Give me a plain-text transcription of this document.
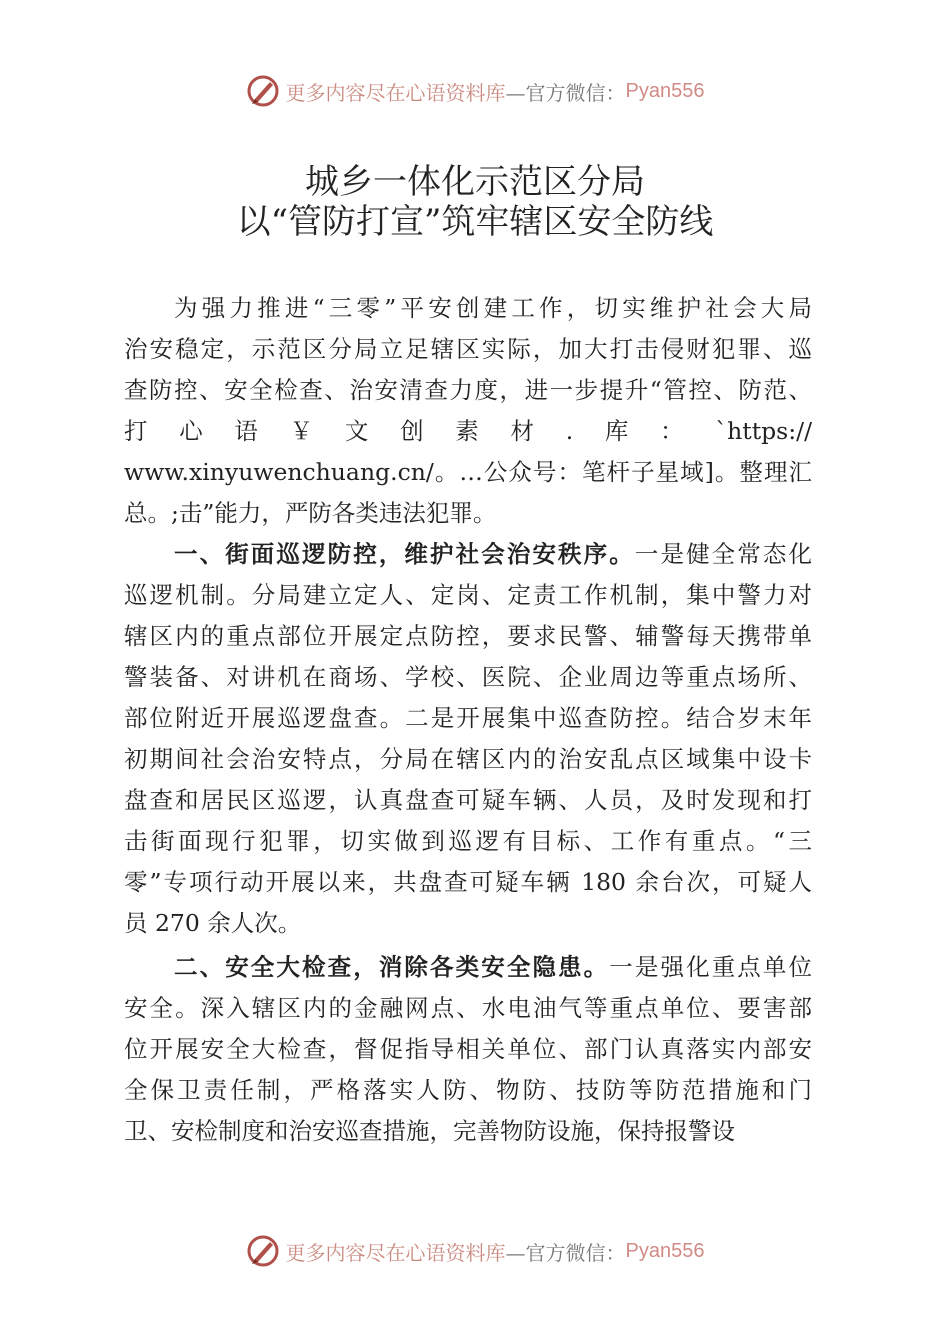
更多内容尽在心语资料库 —官方微信： Pyan556
城乡一体化示范区分局
以“管防打宣”筑牢辖区安全防线
为强力推进“三零”平安创建工作，切实维护社会大局
治安稳定，示范区分局立足辖区实际，加大打击侵财犯罪、巡
查防控、安全检查、治安清查力度，进一步提升“管控、防范、
打心语￥文创素材.库：`https://
www.xinyuwenchuang.cn/。…公众号：笔杆子星域]。整理汇
总。;击”能力，严防各类违法犯罪。
一、街面巡逻防控，维护社会治安秩序。一是健全常态化
巡逻机制。分局建立定人、定岗、定责工作机制，集中警力对
辖区内的重点部位开展定点防控，要求民警、辅警每天携带单
警装备、对讲机在商场、学校、医院、企业周边等重点场所、
部位附近开展巡逻盘查。二是开展集中巡查防控。结合岁末年
初期间社会治安特点，分局在辖区内的治安乱点区域集中设卡
盘查和居民区巡逻，认真盘查可疑车辆、人员，及时发现和打
击街面现行犯罪，切实做到巡逻有目标、工作有重点。“三
零”专项行动开展以来，共盘查可疑车辆 180 余台次，可疑人
员 270 余人次。
二、安全大检查，消除各类安全隐患。一是强化重点单位
安全。深入辖区内的金融网点、水电油气等重点单位、要害部
位开展安全大检查，督促指导相关单位、部门认真落实内部安
全保卫责任制，严格落实人防、物防、技防等防范措施和门
卫、安检制度和治安巡查措施，完善物防设施，保持报警设
更多内容尽在心语资料库 —官方微信： Pyan556
